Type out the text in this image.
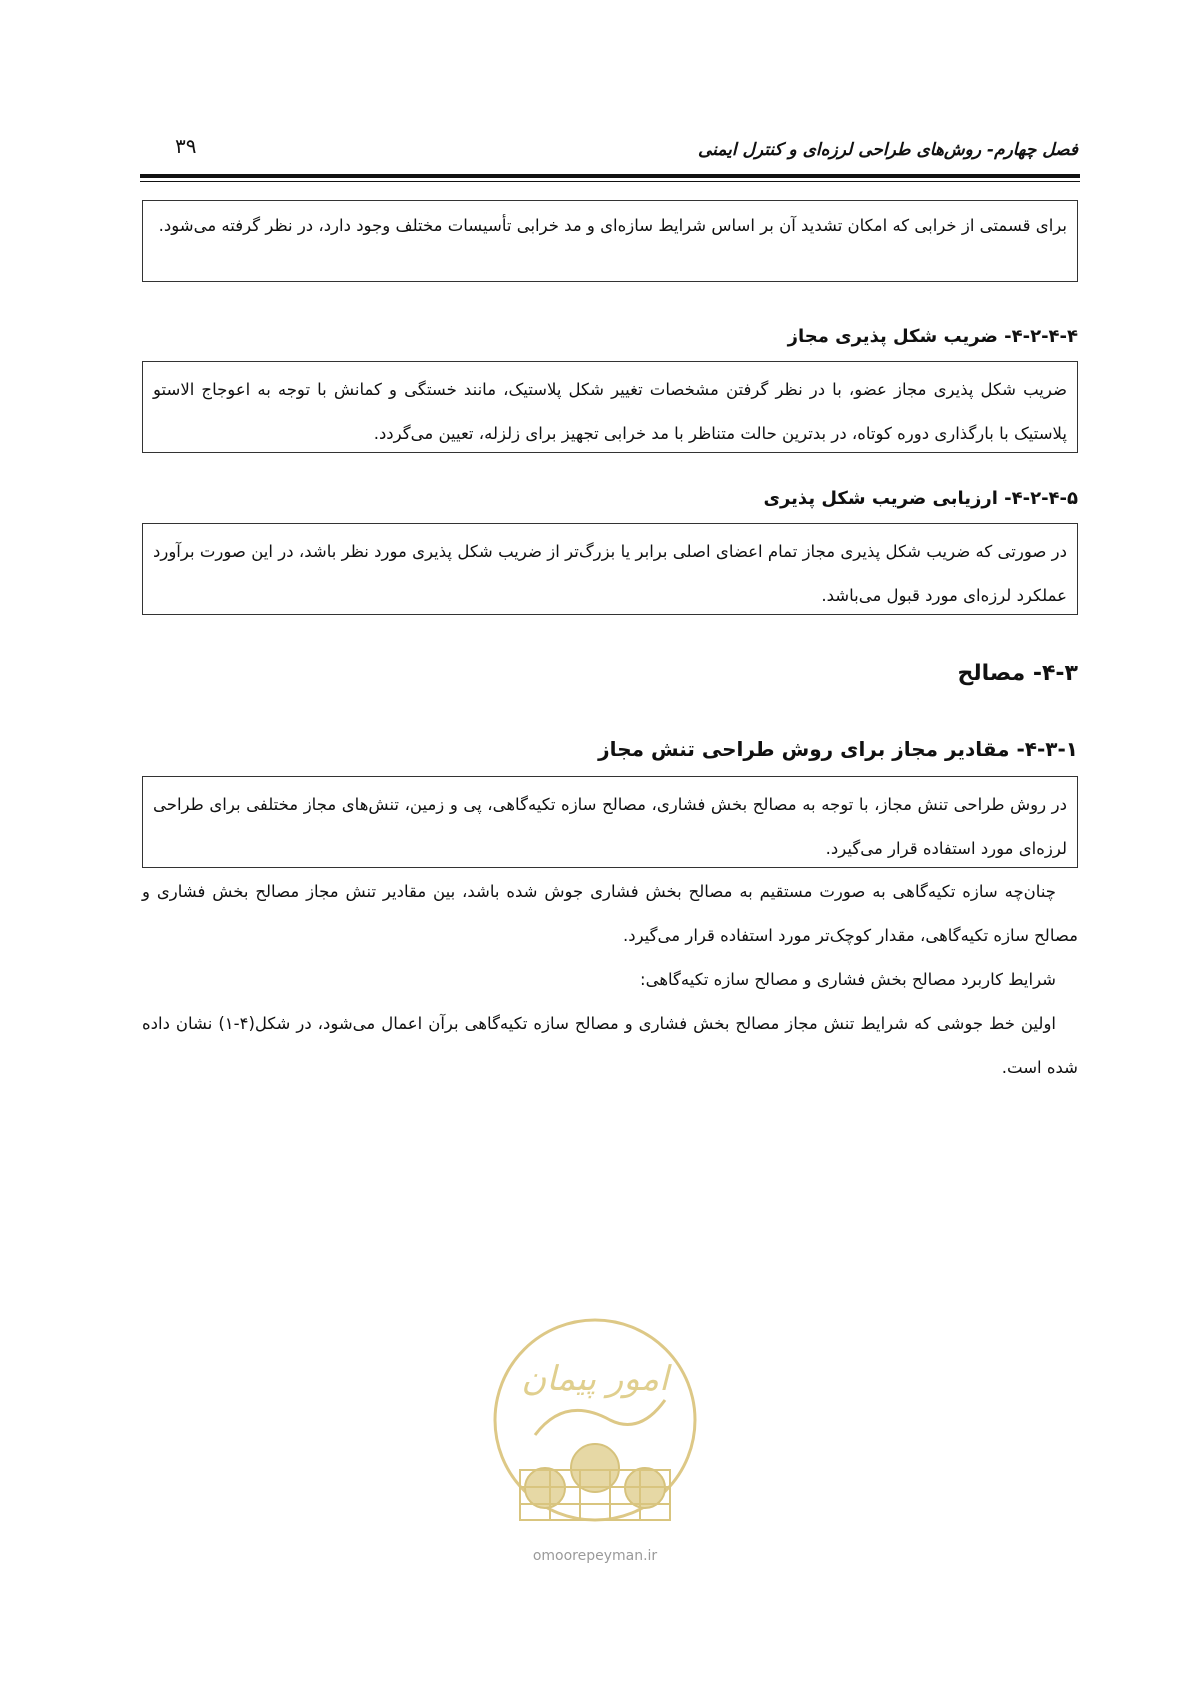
۳۹	فصل چهارم- روش‌های طراحی لرزه‌ای و کنترل ایمنی
برای قسمتی از خرابی که امکان تشدید آن بر اساس شرایط سازه‌ای و مد خرابی تأسیسات مختلف وجود دارد، در نظر گرفته می‌شود.
۴-۲-۴-۴- ضریب شکل پذیری مجاز
ضریب شکل پذیری مجاز عضو، با در نظر گرفتن مشخصات تغییر شکل پلاستیک، مانند خستگی و کمانش با توجه به اعوجاج الاستو پلاستیک با بارگذاری دوره کوتاه، در بدترین حالت متناظر با مد خرابی تجهیز برای زلزله، تعیین می‌گردد.
۴-۲-۴-۵- ارزیابی ضریب شکل پذیری
در صورتی که ضریب شکل پذیری مجاز تمام اعضای اصلی برابر یا بزرگ‌تر از ضریب شکل پذیری مورد نظر باشد، در این صورت برآورد عملکرد لرزه‌ای مورد قبول می‌باشد.
۴-۳- مصالح
۴-۳-۱- مقادیر مجاز برای روش طراحی تنش مجاز
در روش طراحی تنش مجاز، با توجه به مصالح بخش فشاری، مصالح سازه تکیه‌گاهی، پی و زمین، تنش‌های مجاز مختلفی برای طراحی لرزه‌ای مورد استفاده قرار می‌گیرد.
چنان‌چه سازه تکیه‌گاهی به صورت مستقیم به مصالح بخش فشاری جوش شده باشد، بین مقادیر تنش مجاز مصالح بخش فشاری و مصالح سازه تکیه‌گاهی، مقدار کوچک‌تر مورد استفاده قرار می‌گیرد.
شرایط کاربرد مصالح بخش فشاری و مصالح سازه تکیه‌گاهی:
اولین خط جوشی که شرایط تنش مجاز مصالح بخش فشاری و مصالح سازه تکیه‌گاهی برآن اعمال می‌شود، در شکل(۴-۱) نشان داده شده است.
امور پیمان
omoorepeyman.ir
